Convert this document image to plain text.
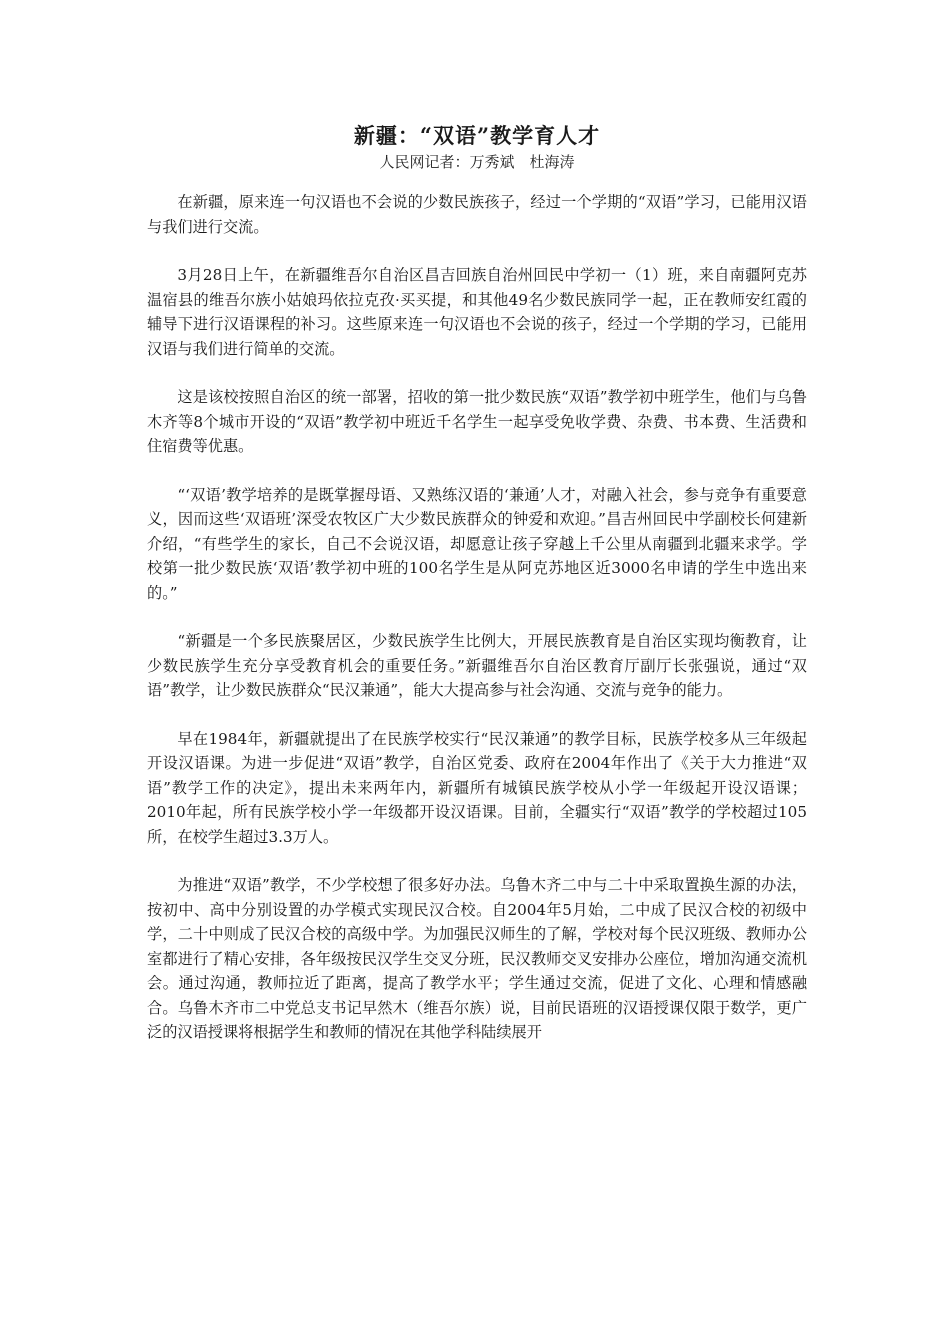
新疆：“双语”教学育人才
人民网记者：万秀斌　杜海涛

在新疆，原来连一句汉语也不会说的少数民族孩子，经过一个学期的“双语”学习，已能用汉语与我们进行交流。

3月28日上午，在新疆维吾尔自治区昌吉回族自治州回民中学初一（1）班，来自南疆阿克苏温宿县的维吾尔族小姑娘玛依拉克孜·买买提，和其他49名少数民族同学一起，正在教师安红霞的辅导下进行汉语课程的补习。这些原来连一句汉语也不会说的孩子，经过一个学期的学习，已能用汉语与我们进行简单的交流。

这是该校按照自治区的统一部署，招收的第一批少数民族“双语”教学初中班学生，他们与乌鲁木齐等8个城市开设的“双语”教学初中班近千名学生一起享受免收学费、杂费、书本费、生活费和住宿费等优惠。

“‘双语’教学培养的是既掌握母语、又熟练汉语的‘兼通’人才，对融入社会，参与竞争有重要意义，因而这些‘双语班’深受农牧区广大少数民族群众的钟爱和欢迎。”昌吉州回民中学副校长何建新介绍，“有些学生的家长，自己不会说汉语，却愿意让孩子穿越上千公里从南疆到北疆来求学。学校第一批少数民族‘双语’教学初中班的100名学生是从阿克苏地区近3000名申请的学生中选出来的。”

“新疆是一个多民族聚居区，少数民族学生比例大，开展民族教育是自治区实现均衡教育，让少数民族学生充分享受教育机会的重要任务。”新疆维吾尔自治区教育厅副厅长张强说，通过“双语”教学，让少数民族群众“民汉兼通”，能大大提高参与社会沟通、交流与竞争的能力。

早在1984年，新疆就提出了在民族学校实行“民汉兼通”的教学目标，民族学校多从三年级起开设汉语课。为进一步促进“双语”教学，自治区党委、政府在2004年作出了《关于大力推进“双语”教学工作的决定》，提出未来两年内，新疆所有城镇民族学校从小学一年级起开设汉语课；2010年起，所有民族学校小学一年级都开设汉语课。目前，全疆实行“双语”教学的学校超过105所，在校学生超过3.3万人。

为推进“双语”教学，不少学校想了很多好办法。乌鲁木齐二中与二十中采取置换生源的办法，按初中、高中分别设置的办学模式实现民汉合校。自2004年5月始，二中成了民汉合校的初级中学，二十中则成了民汉合校的高级中学。为加强民汉师生的了解，学校对每个民汉班级、教师办公室都进行了精心安排，各年级按民汉学生交叉分班，民汉教师交叉安排办公座位，增加沟通交流机会。通过沟通，教师拉近了距离，提高了教学水平；学生通过交流，促进了文化、心理和情感融合。乌鲁木齐市二中党总支书记早然木（维吾尔族）说，目前民语班的汉语授课仅限于数学，更广泛的汉语授课将根据学生和教师的情况在其他学科陆续展开
